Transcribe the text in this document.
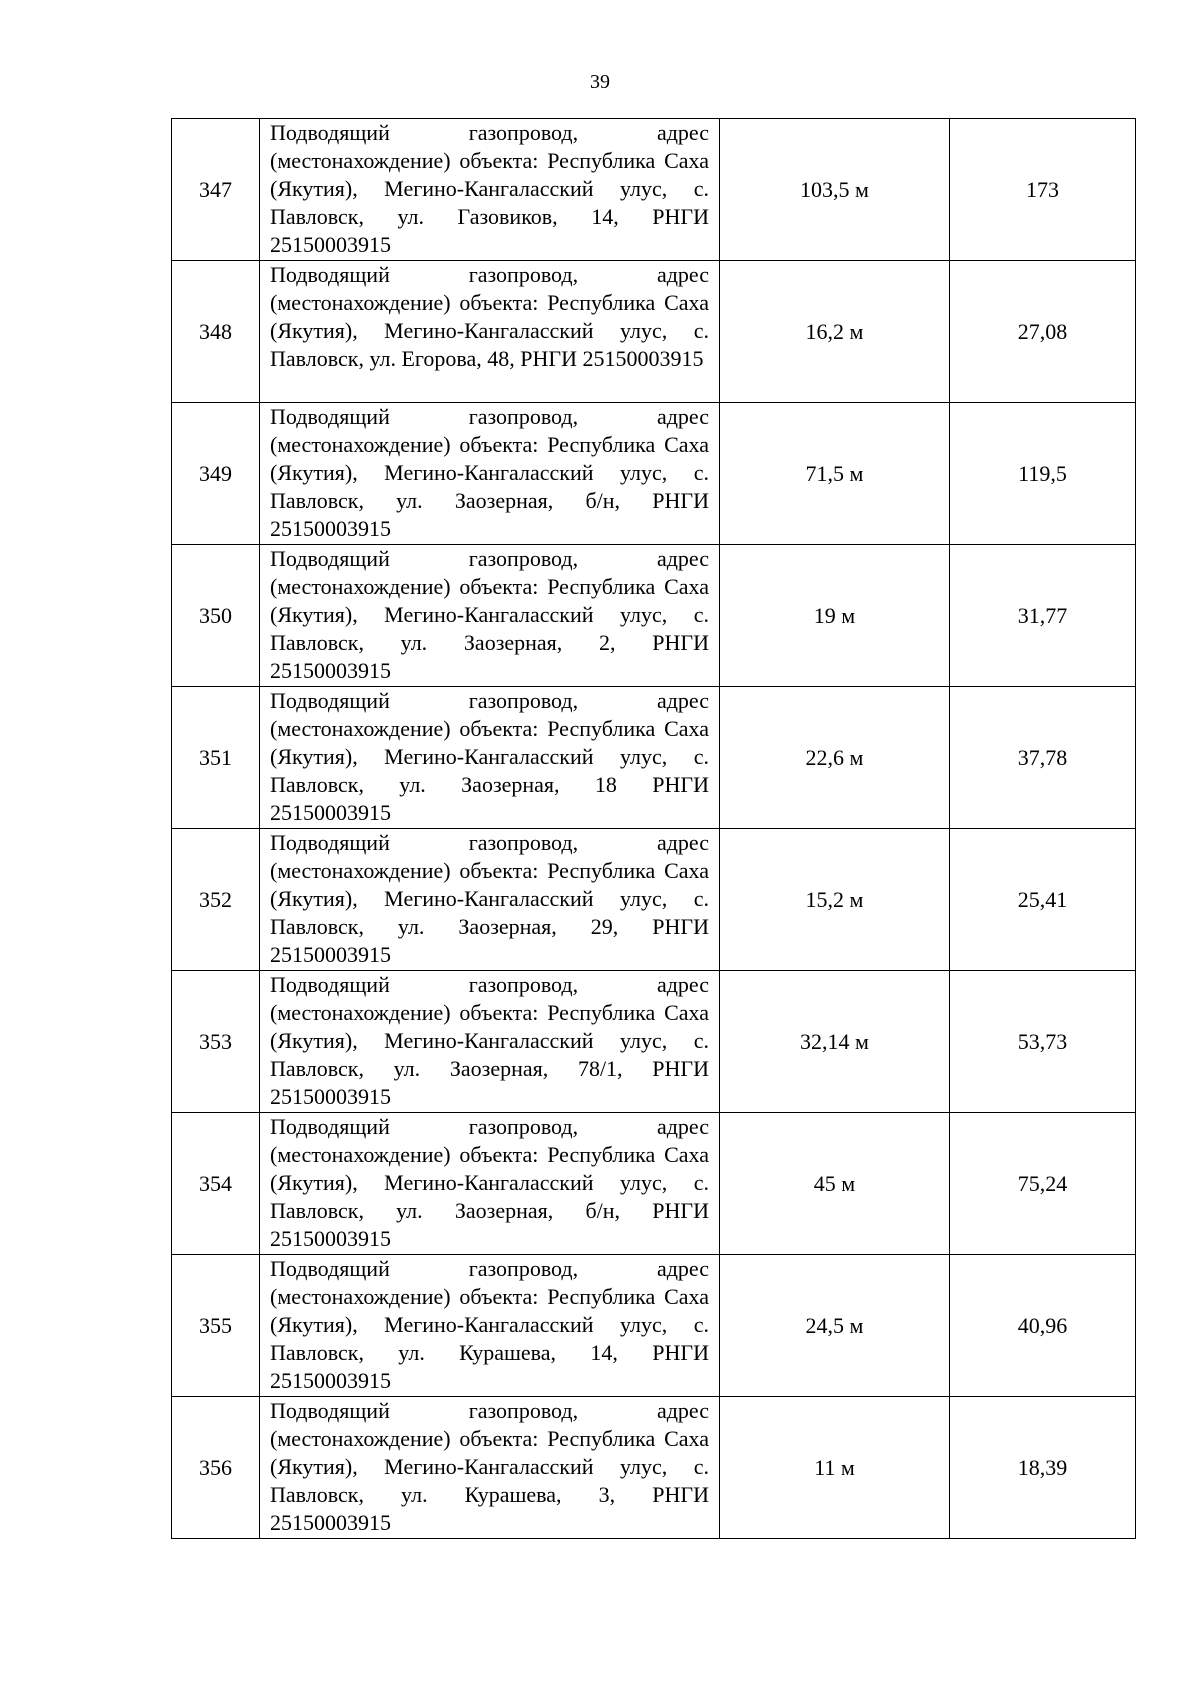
39
347	Подводящий газопровод, адрес (местонахождение) объекта: Республика Саха (Якутия), Мегино-Кангаласский улус, с. Павловск, ул. Газовиков, 14, РНГИ 25150003915	103,5 м	173
348	Подводящий газопровод, адрес (местонахождение) объекта: Республика Саха (Якутия), Мегино-Кангаласский улус, с. Павловск, ул. Егорова, 48, РНГИ 25150003915	16,2 м	27,08
349	Подводящий газопровод, адрес (местонахождение) объекта: Республика Саха (Якутия), Мегино-Кангаласский улус, с. Павловск, ул. Заозерная, б/н, РНГИ 25150003915	71,5 м	119,5
350	Подводящий газопровод, адрес (местонахождение) объекта: Республика Саха (Якутия), Мегино-Кангаласский улус, с. Павловск, ул. Заозерная, 2, РНГИ 25150003915	19 м	31,77
351	Подводящий газопровод, адрес (местонахождение) объекта: Республика Саха (Якутия), Мегино-Кангаласский улус, с. Павловск, ул. Заозерная, 18 РНГИ 25150003915	22,6 м	37,78
352	Подводящий газопровод, адрес (местонахождение) объекта: Республика Саха (Якутия), Мегино-Кангаласский улус, с. Павловск, ул. Заозерная, 29, РНГИ 25150003915	15,2 м	25,41
353	Подводящий газопровод, адрес (местонахождение) объекта: Республика Саха (Якутия), Мегино-Кангаласский улус, с. Павловск, ул. Заозерная, 78/1, РНГИ 25150003915	32,14 м	53,73
354	Подводящий газопровод, адрес (местонахождение) объекта: Республика Саха (Якутия), Мегино-Кангаласский улус, с. Павловск, ул. Заозерная, б/н, РНГИ 25150003915	45 м	75,24
355	Подводящий газопровод, адрес (местонахождение) объекта: Республика Саха (Якутия), Мегино-Кангаласский улус, с. Павловск, ул. Курашева, 14, РНГИ 25150003915	24,5 м	40,96
356	Подводящий газопровод, адрес (местонахождение) объекта: Республика Саха (Якутия), Мегино-Кангаласский улус, с. Павловск, ул. Курашева, 3, РНГИ 25150003915	11 м	18,39
